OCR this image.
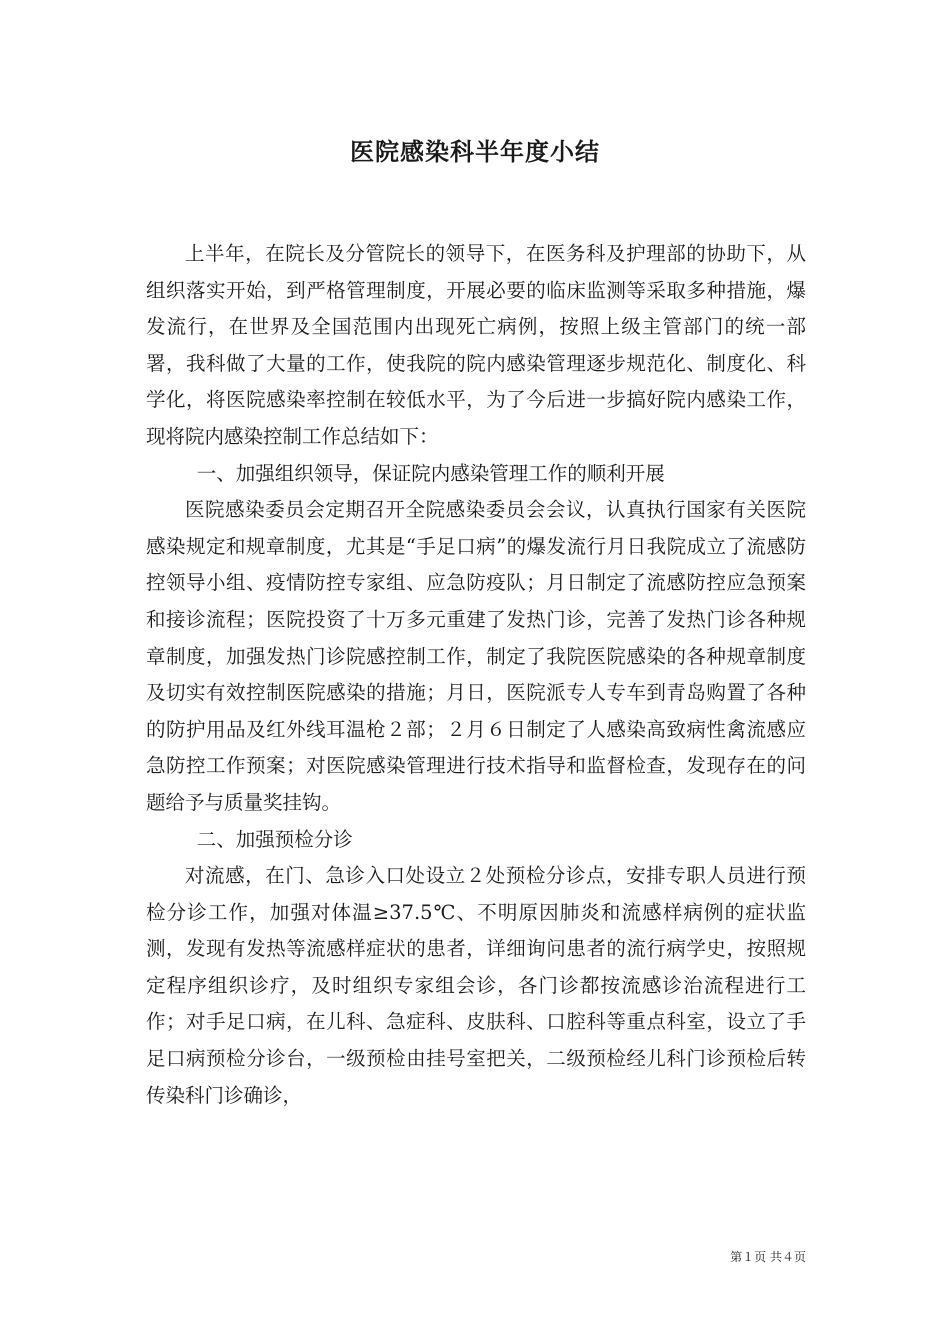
医院感染科半年度小结

上半年，在院长及分管院长的领导下，在医务科及护理部的协助下，从组织落实开始，到严格管理制度，开展必要的临床监测等采取多种措施，爆发流行，在世界及全国范围内出现死亡病例，按照上级主管部门的统一部署，我科做了大量的工作，使我院的院内感染管理逐步规范化、制度化、科学化，将医院感染率控制在较低水平，为了今后进一步搞好院内感染工作，现将院内感染控制工作总结如下：

一、加强组织领导，保证院内感染管理工作的顺利开展

医院感染委员会定期召开全院感染委员会会议，认真执行国家有关医院感染规定和规章制度，尤其是“手足口病”的爆发流行月日我院成立了流感防控领导小组、疫情防控专家组、应急防疫队；月日制定了流感防控应急预案和接诊流程；医院投资了十万多元重建了发热门诊，完善了发热门诊各种规章制度，加强发热门诊院感控制工作，制定了我院医院感染的各种规章制度及切实有效控制医院感染的措施；月日，医院派专人专车到青岛购置了各种的防护用品及红外线耳温枪２部；２月６日制定了人感染高致病性禽流感应急防控工作预案；对医院感染管理进行技术指导和监督检查，发现存在的问题给予与质量奖挂钩。

二、加强预检分诊

对流感，在门、急诊入口处设立２处预检分诊点，安排专职人员进行预检分诊工作，加强对体温≥37.5℃、不明原因肺炎和流感样病例的症状监测，发现有发热等流感样症状的患者，详细询问患者的流行病学史，按照规定程序组织诊疗，及时组织专家组会诊，各门诊都按流感诊治流程进行工作；对手足口病，在儿科、急症科、皮肤科、口腔科等重点科室，设立了手足口病预检分诊台，一级预检由挂号室把关，二级预检经儿科门诊预检后转传染科门诊确诊，

第１页 共４页
